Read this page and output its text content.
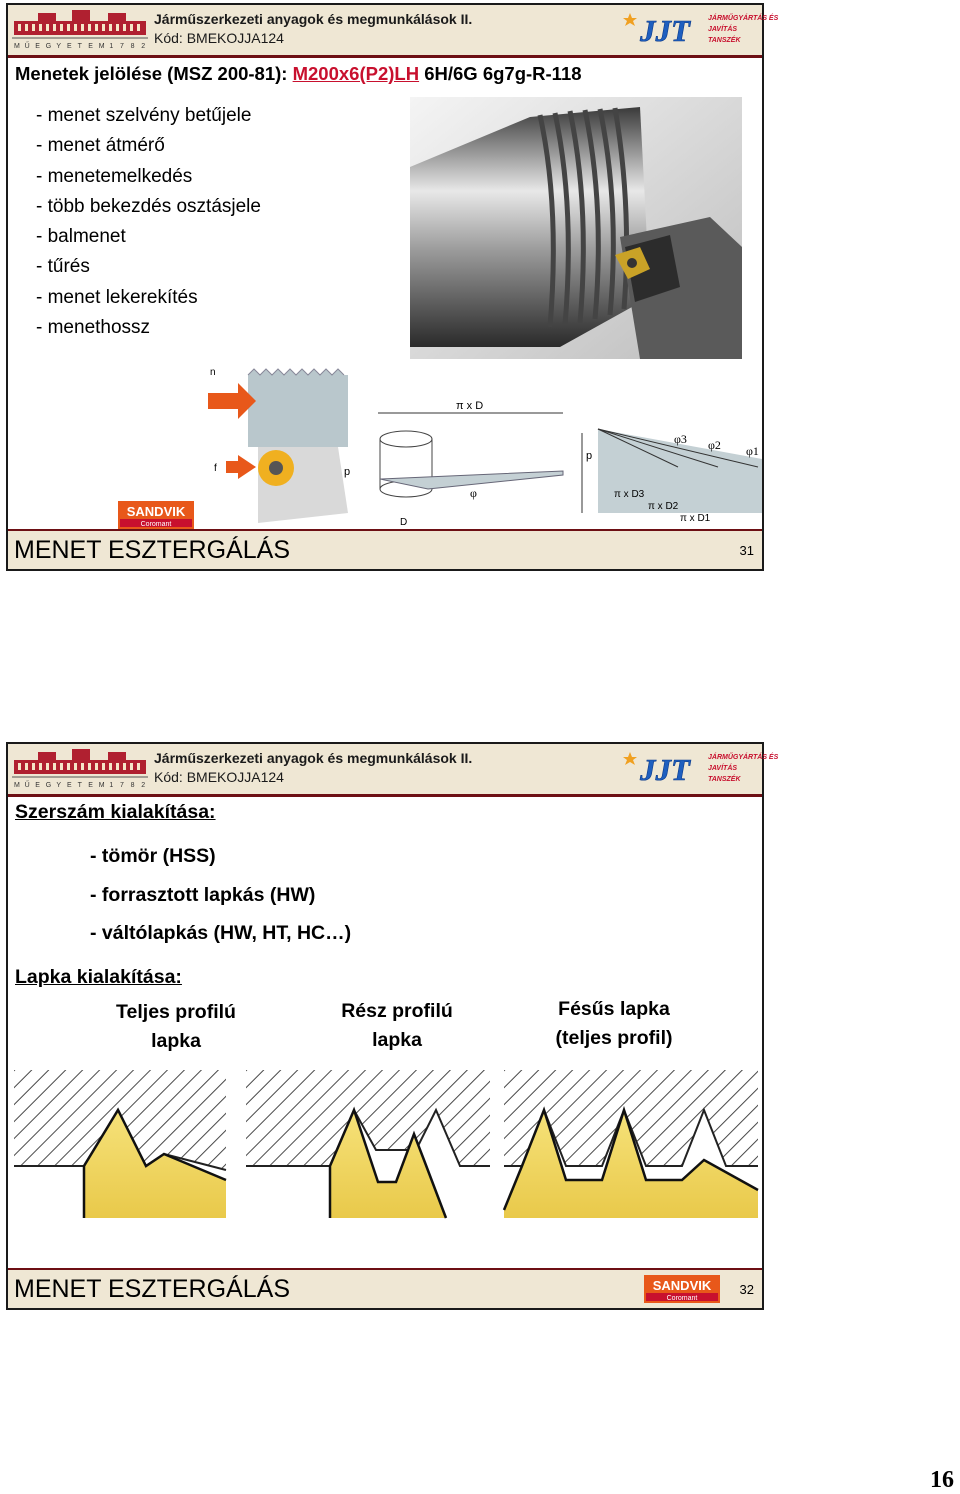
M Ű E G Y E T E M 1 7 8 2
Járműszerkezeti anyagok és megmunkálások II.
Kód: BMEKOJJA124	JJT	JÁRMŰGYÁRTÁS ÉS
JAVÍTÁS
TANSZÉK
Menetek jelölése (MSZ 200-81): M200x6(P2)LH 6H/6G 6g7g-R-118
- menet szelvény betűjele
- menet átmérő
- menetemelkedés
- több bekezdés osztásjele
- balmenet
- tűrés
- menet lekerekítés
- menethossz
n
f	p
π x D
φ
D
p
φ3 φ2 φ1
π x D3
π x D2
π x D1
SANDVIK
Coromant
MENET ESZTERGÁLÁS	31
M Ű E G Y E T E M 1 7 8 2
Járműszerkezeti anyagok és megmunkálások II.
Kód: BMEKOJJA124	JJT	JÁRMŰGYÁRTÁS ÉS
JAVÍTÁS
TANSZÉK
Szerszám kialakítása:
- tömör (HSS)
- forrasztott lapkás (HW)
- váltólapkás (HW, HT, HC…)
Lapka kialakítása:
Teljes profilú
lapka
Rész profilú
lapka
Fésűs lapka
(teljes profil)
MENET ESZTERGÁLÁS	SANDVIK
Coromant
32
16
